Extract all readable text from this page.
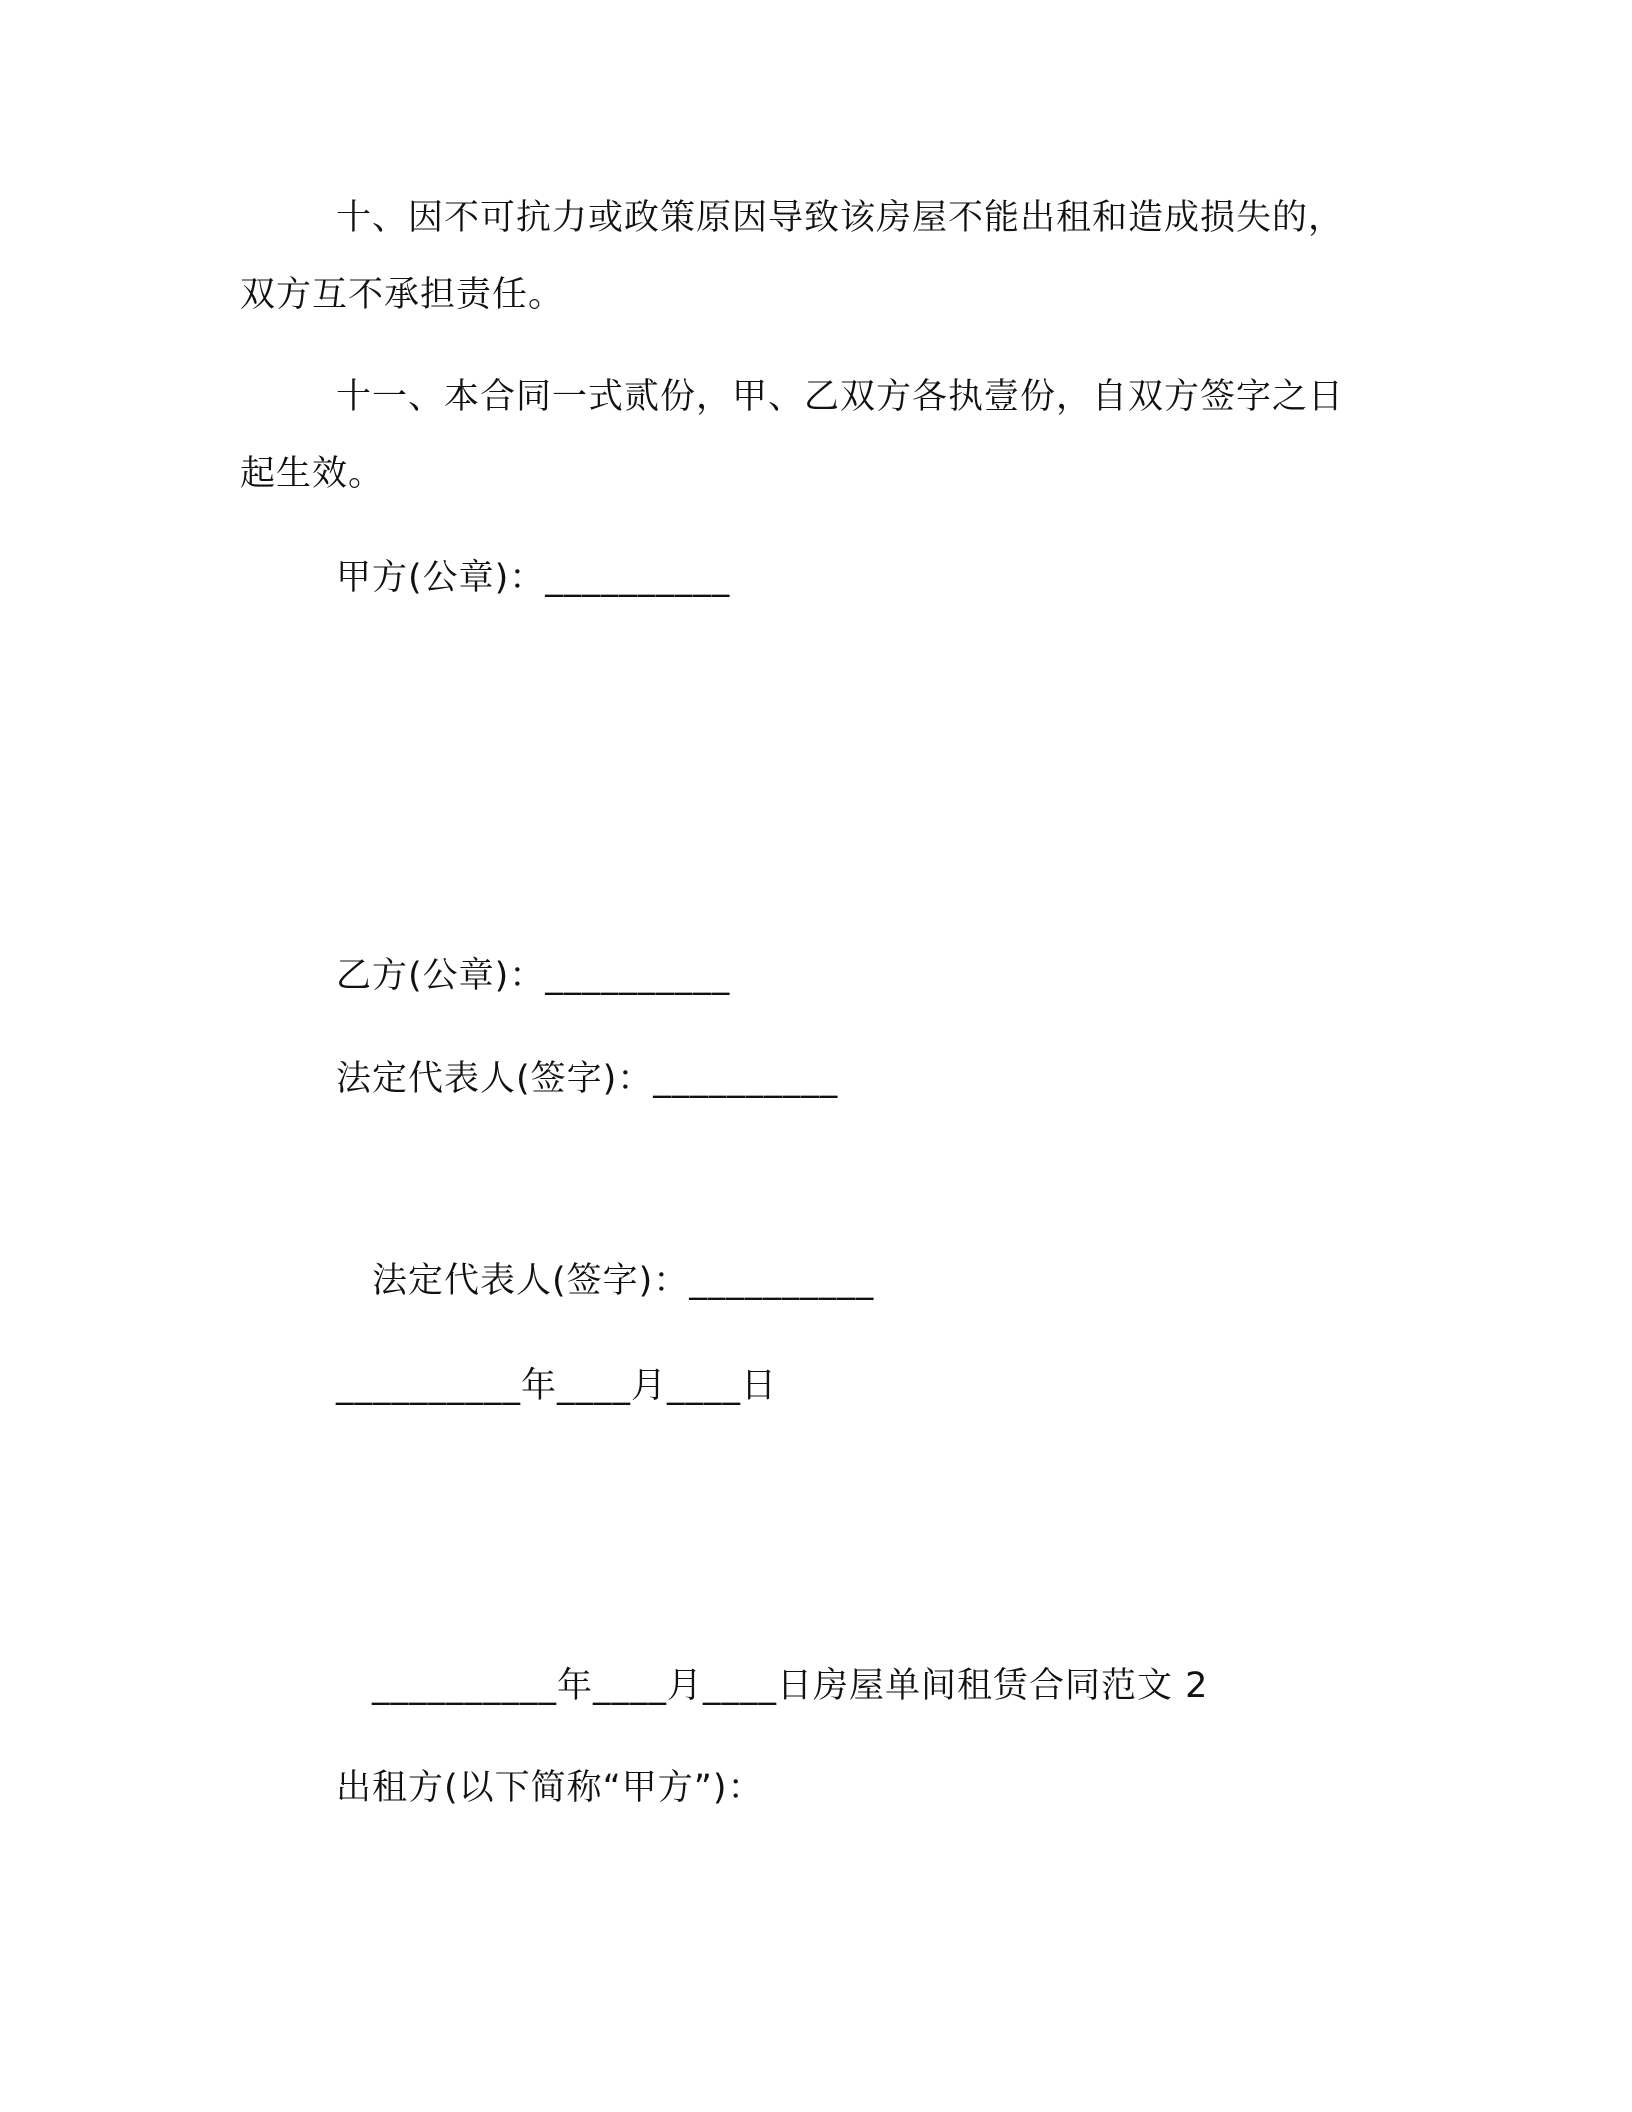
十、因不可抗力或政策原因导致该房屋不能出租和造成损失的，

双方互不承担责任。

十一、本合同一式贰份，甲、乙双方各执壹份，自双方签字之日

起生效。

甲方(公章)：__________

乙方(公章)：__________

法定代表人(签字)：__________

法定代表人(签字)：__________

__________年____月____日

__________年____月____日房屋单间租赁合同范文 2

出租方(以下简称“甲方”)：
